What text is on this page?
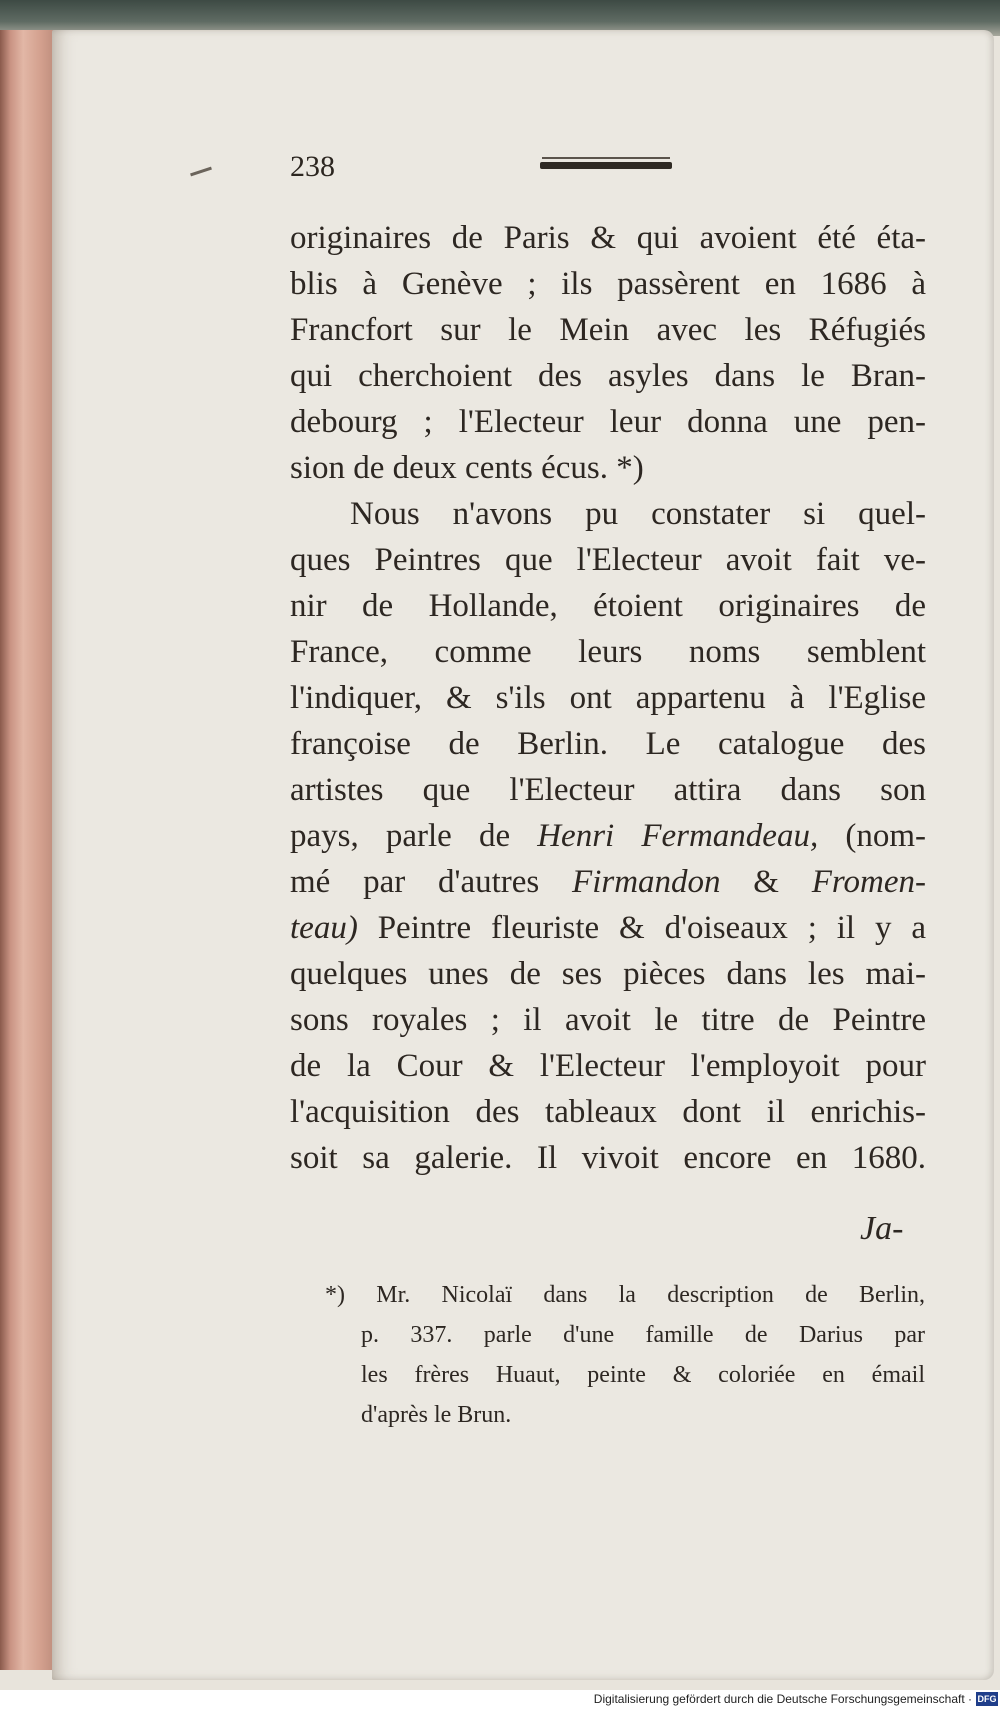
238
originaires de Paris & qui avoient été éta-
blis à Genève ; ils passèrent en 1686 à
Francfort sur le Mein avec les Réfugiés
qui cherchoient des asyles dans le Bran-
debourg ; l'Electeur leur donna une pen-
sion de deux cents écus. *)
Nous n'avons pu constater si quel-
ques Peintres que l'Electeur avoit fait ve-
nir de Hollande, étoient originaires de
France, comme leurs noms semblent
l'indiquer, & s'ils ont appartenu à l'Eglise
françoise de Berlin. Le catalogue des
artistes que l'Electeur attira dans son
pays, parle de Henri Fermandeau, (nom-
mé par d'autres Firmandon & Fromen-
teau) Peintre fleuriste & d'oiseaux ; il y a
quelques unes de ses pièces dans les mai-
sons royales ; il avoit le titre de Peintre
de la Cour & l'Electeur l'employoit pour
l'acquisition des tableaux dont il enrichis-
soit sa galerie. Il vivoit encore en 1680.
Ja-
*) Mr. Nicolaï dans la description de Berlin,
p. 337. parle d'une famille de Darius par
les frères Huaut, peinte & coloriée en émail
d'après le Brun.
Digitalisierung gefördert durch die Deutsche Forschungsgemeinschaft · DFG
